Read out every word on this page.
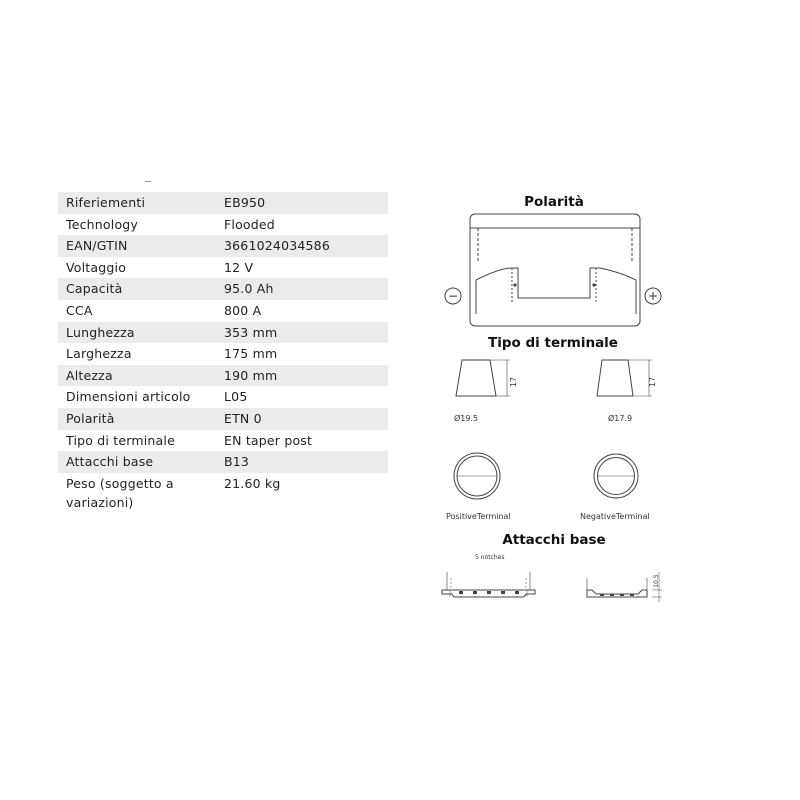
Riferiementi	EB950
Technology	Flooded
EAN/GTIN	3661024034586
Voltaggio	12 V
Capacità	95.0 Ah
CCA	800 A
Lunghezza	353 mm
Larghezza	175 mm
Altezza	190 mm
Dimensioni articolo	L05
Polarità	ETN 0
Tipo di terminale	EN taper post
Attacchi base	B13
Peso (soggetto a variazioni)	21.60 kg
Polarità
−	+
Tipo di terminale
17	17
Ø19.5	Ø17.9
PositiveTerminal	NegativeTerminal
Attacchi base
5 notches
10.5
